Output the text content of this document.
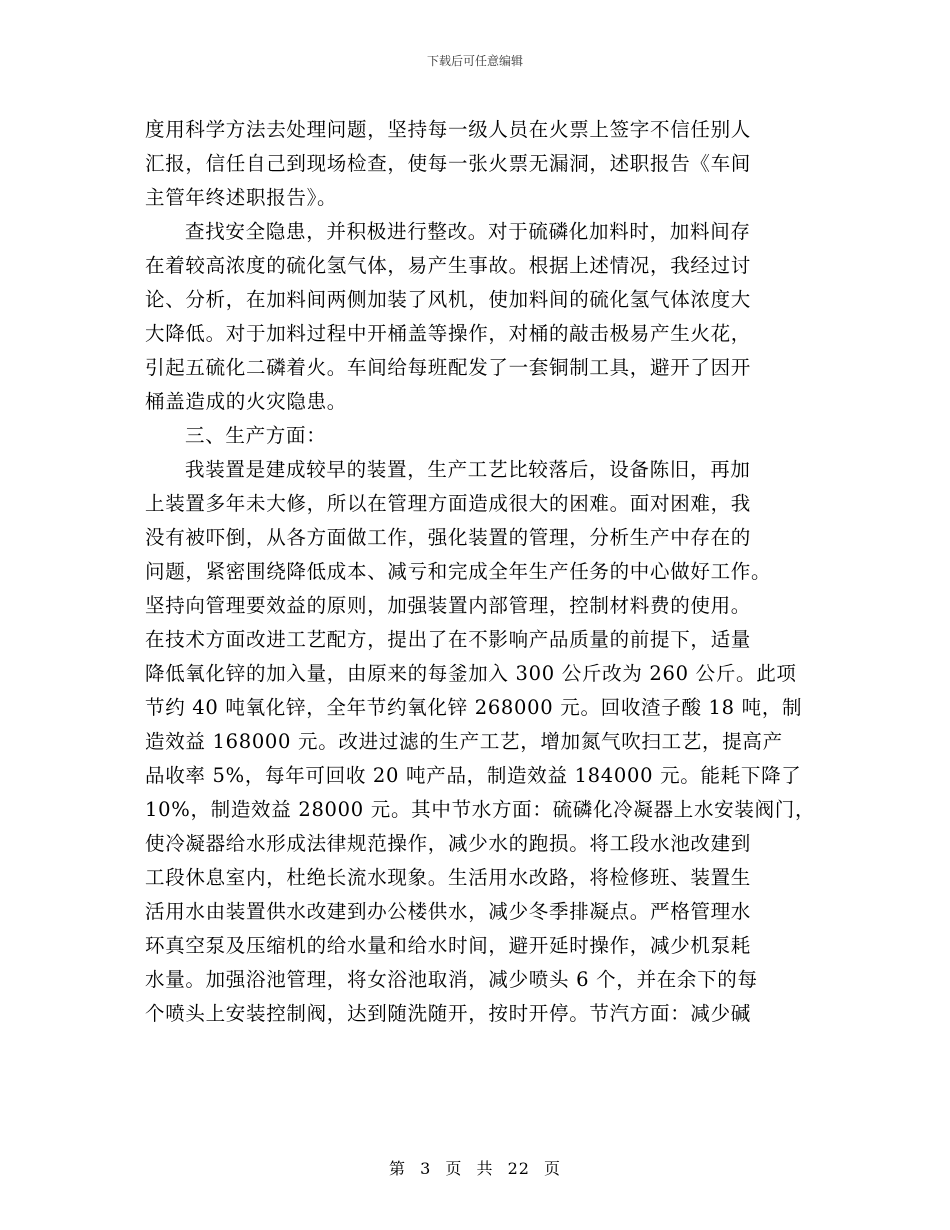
下载后可任意编辑
度用科学方法去处理问题，坚持每一级人员在火票上签字不信任别人
汇报，信任自己到现场检查，使每一张火票无漏洞，述职报告《车间
主管年终述职报告》。
查找安全隐患，并积极进行整改。对于硫磷化加料时，加料间存
在着较高浓度的硫化氢气体，易产生事故。根据上述情况，我经过讨
论、分析，在加料间两侧加装了风机，使加料间的硫化氢气体浓度大
大降低。对于加料过程中开桶盖等操作，对桶的敲击极易产生火花，
引起五硫化二磷着火。车间给每班配发了一套铜制工具，避开了因开
桶盖造成的火灾隐患。
三、生产方面：
我装置是建成较早的装置，生产工艺比较落后，设备陈旧，再加
上装置多年未大修，所以在管理方面造成很大的困难。面对困难，我
没有被吓倒，从各方面做工作，强化装置的管理，分析生产中存在的
问题，紧密围绕降低成本、减亏和完成全年生产任务的中心做好工作。
坚持向管理要效益的原则，加强装置内部管理，控制材料费的使用。
在技术方面改进工艺配方，提出了在不影响产品质量的前提下，适量
降低氧化锌的加入量，由原来的每釜加入 300 公斤改为 260 公斤。此项
节约 40 吨氧化锌，全年节约氧化锌 268000 元。回收渣子酸 18 吨，制
造效益 168000 元。改进过滤的生产工艺，增加氮气吹扫工艺，提高产
品收率 5%，每年可回收 20 吨产品，制造效益 184000 元。能耗下降了
10%，制造效益 28000 元。其中节水方面：硫磷化冷凝器上水安装阀门，
使冷凝器给水形成法律规范操作，减少水的跑损。将工段水池改建到
工段休息室内，杜绝长流水现象。生活用水改路，将检修班、装置生
活用水由装置供水改建到办公楼供水，减少冬季排凝点。严格管理水
环真空泵及压缩机的给水量和给水时间，避开延时操作，减少机泵耗
水量。加强浴池管理，将女浴池取消，减少喷头 6 个，并在余下的每
个喷头上安装控制阀，达到随洗随开，按时开停。节汽方面：减少碱
第 3 页 共 22 页
